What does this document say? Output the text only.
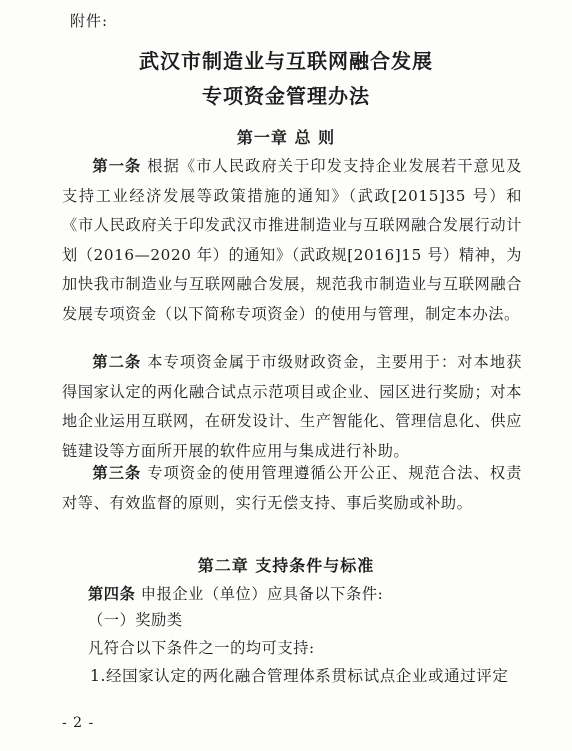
附件:
武汉市制造业与互联网融合发展
专项资金管理办法
第一章 总 则

第一条 根据《市人民政府关于印发支持企业发展若干意见及支持工业经济发展等政策措施的通知》（武政[2015]35 号）和《市人民政府关于印发武汉市推进制造业与互联网融合发展行动计划（2016—2020 年）的通知》（武政规[2016]15 号）精神，为加快我市制造业与互联网融合发展，规范我市制造业与互联网融合发展专项资金（以下简称专项资金）的使用与管理，制定本办法。

第二条 本专项资金属于市级财政资金，主要用于：对本地获得国家认定的两化融合试点示范项目或企业、园区进行奖励；对本地企业运用互联网，在研发设计、生产智能化、管理信息化、供应链建设等方面所开展的软件应用与集成进行补助。

第三条 专项资金的使用管理遵循公开公正、规范合法、权责对等、有效监督的原则，实行无偿支持、事后奖励或补助。

第二章 支持条件与标准
第四条 申报企业（单位）应具备以下条件:
（一）奖励类
凡符合以下条件之一的均可支持:
1.经国家认定的两化融合管理体系贯标试点企业或通过评定
- 2 -
